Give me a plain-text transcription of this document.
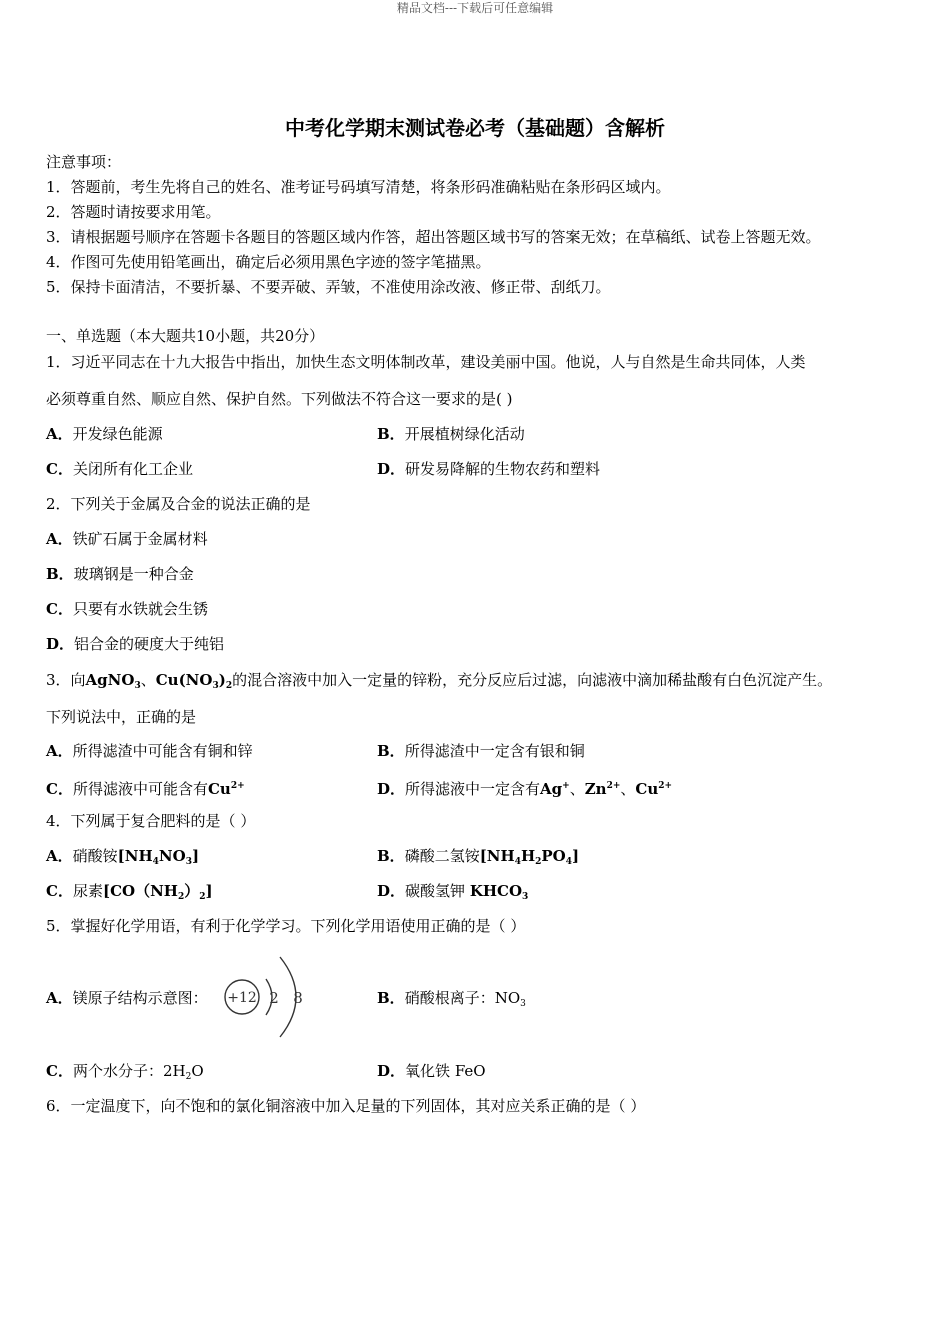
精品文档---下载后可任意编辑
中考化学期末测试卷必考（基础题）含解析
注意事项：
1．答题前，考生先将自己的姓名、准考证号码填写清楚，将条形码准确粘贴在条形码区域内。
2．答题时请按要求用笔。
3．请根据题号顺序在答题卡各题目的答题区域内作答，超出答题区域书写的答案无效；在草稿纸、试卷上答题无效。
4．作图可先使用铅笔画出，确定后必须用黑色字迹的签字笔描黑。
5．保持卡面清洁，不要折暴、不要弄破、弄皱，不准使用涂改液、修正带、刮纸刀。
一、单选题（本大题共10小题，共20分）
1．习近平同志在十九大报告中指出，加快生态文明体制改革，建设美丽中国。他说，人与自然是生命共同体，人类
必须尊重自然、顺应自然、保护自然。下列做法不符合这一要求的是( )
A．开发绿色能源	B．开展植树绿化活动
C．关闭所有化工企业	D．研发易降解的生物农药和塑料
2．下列关于金属及合金的说法正确的是
A．铁矿石属于金属材料
B．玻璃钢是一种合金
C．只要有水铁就会生锈
D．铝合金的硬度大于纯铝
3．向AgNO$_3$、$Cu(NO_3)_2$的混合溶液中加入一定量的锌粉，充分反应后过滤，向滤液中滴加稀盐酸有白色沉淀产生。
下列说法中，正确的是
A．所得滤渣中可能含有铜和锌	B．所得滤渣中一定含有银和铜
C．所得滤液中可能含有$Cu^{2+}$	D．所得滤液中一定含有Ag+、$Zn^{2+}$、$Cu^{2+}$
4．下列属于复合肥料的是（ ）
A．硝酸铵$[NH_4NO_3]$	B．磷酸二氢铵$[NH_4H_2PO_4]$
C．尿素$[CO(NH_2)_2]$	D．碳酸氢钾 $KHCO_3$
5．掌握好化学用语，有利于化学学习。下列化学用语使用正确的是（ ）
A．镁原子结构示意图： +12 2 8	B．硝酸根离子：$NO_3$
C．两个水分子：$2H_2O$	D．氧化铁 FeO
6．一定温度下，向不饱和的氯化铜溶液中加入足量的下列固体，其对应关系正确的是（ ）
